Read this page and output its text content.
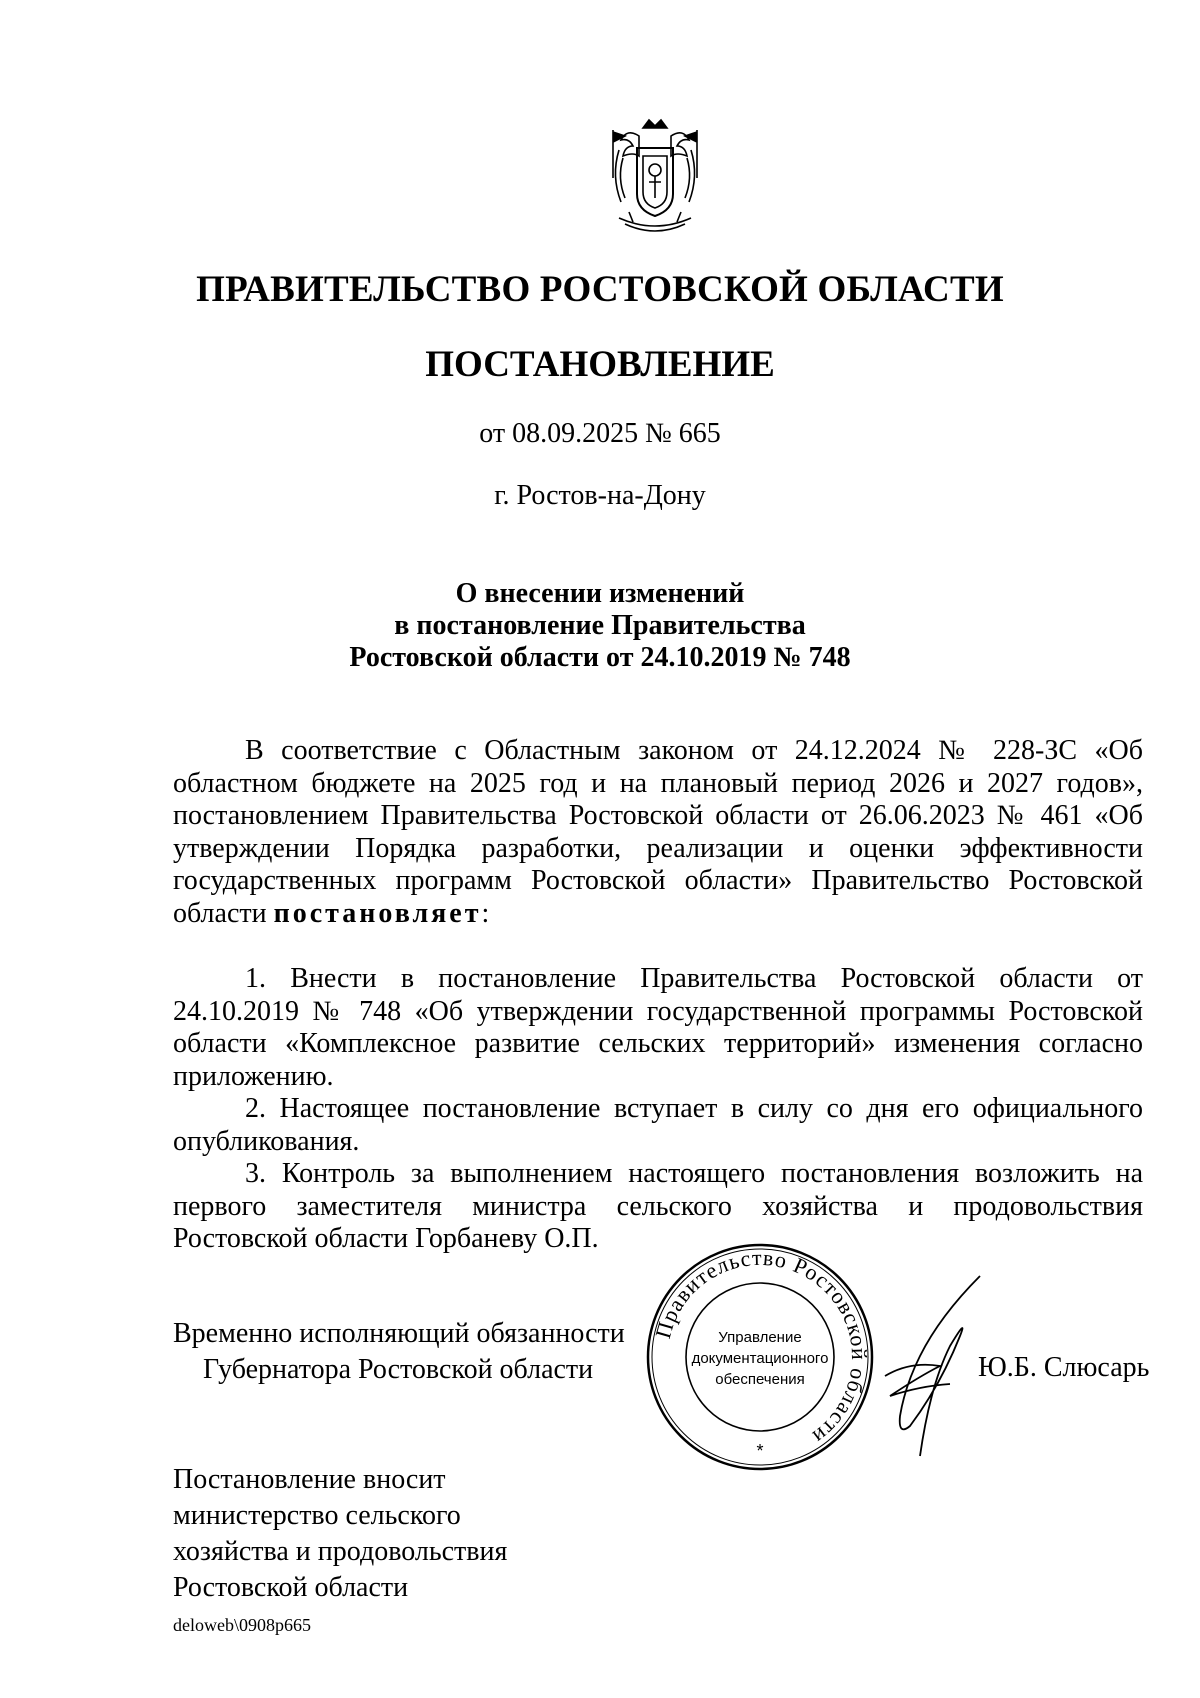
ПРАВИТЕЛЬСТВО РОСТОВСКОЙ ОБЛАСТИ
ПОСТАНОВЛЕНИЕ
от 08.09.2025 № 665
г. Ростов-на-Дону
О внесении изменений
в постановление Правительства
Ростовской области от 24.10.2019 № 748

В соответствие с Областным законом от 24.12.2024 № 228-ЗС «Об областном бюджете на 2025 год и на плановый период 2026 и 2027 годов», постановлением Правительства Ростовской области от 26.06.2023 № 461 «Об утверждении Порядка разработки, реализации и оценки эффективности государственных программ Ростовской области» Правительство Ростовской области постановляет:

1. Внести в постановление Правительства Ростовской области от 24.10.2019 № 748 «Об утверждении государственной программы Ростовской области «Комплексное развитие сельских территорий» изменения согласно приложению.

2. Настоящее постановление вступает в силу со дня его официального опубликования.

3. Контроль за выполнением настоящего постановления возложить на первого заместителя министра сельского хозяйства и продовольствия Ростовской области Горбаневу О.П.

Временно исполняющий обязанности
Губернатора Ростовской области
Правительство Ростовской области
Управление
документационного
обеспечения
*
Ю.Б. Слюсарь
Постановление вносит
министерство сельского
хозяйства и продовольствия
Ростовской области
deloweb\0908p665
